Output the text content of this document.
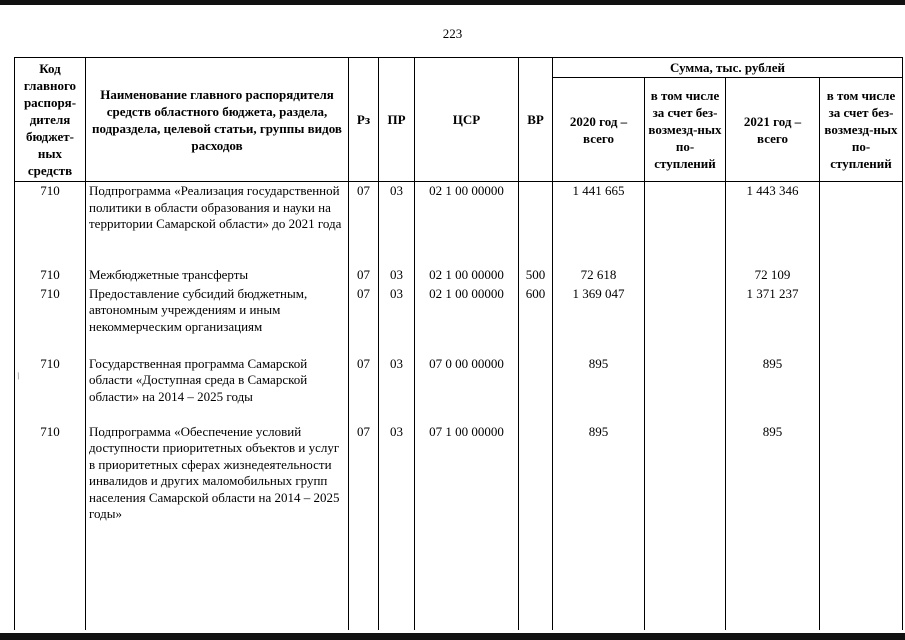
223
/
Код главного распоря-дителя бюджет-ных средств	Наименование главного распорядителя средств областного бюджета, раздела, подраздела, целевой статьи, группы видов расходов	Рз	ПР	ЦСР	ВР	Сумма, тыс. рублей			
						2020 год – всего	в том числе за счет без-возмезд-ных по-ступлений	2021 год – всего	в том числе за счет без-возмезд-ных по-ступлений
710	Подпрограмма «Реализация государственной политики в области образования и науки на территории Самарской области» до 2021 года	07	03	02 1 00 00000		1 441 665		1 443 346	
710	Межбюджетные трансферты	07	03	02 1 00 00000	500	72 618		72 109	
710	Предоставление субсидий бюджетным, автономным учреждениям и иным некоммерческим организациям	07	03	02 1 00 00000	600	1 369 047		1 371 237	
710	Государственная программа Самарской области «Доступная среда в Самарской области» на 2014 – 2025 годы	07	03	07 0 00 00000		895		895	
710	Подпрограмма «Обеспечение условий доступности приоритетных объектов и услуг в приоритетных сферах жизнедеятельности инвалидов и других маломобильных групп населения Самарской области на 2014 – 2025 годы»	07	03	07 1 00 00000		895		895	
